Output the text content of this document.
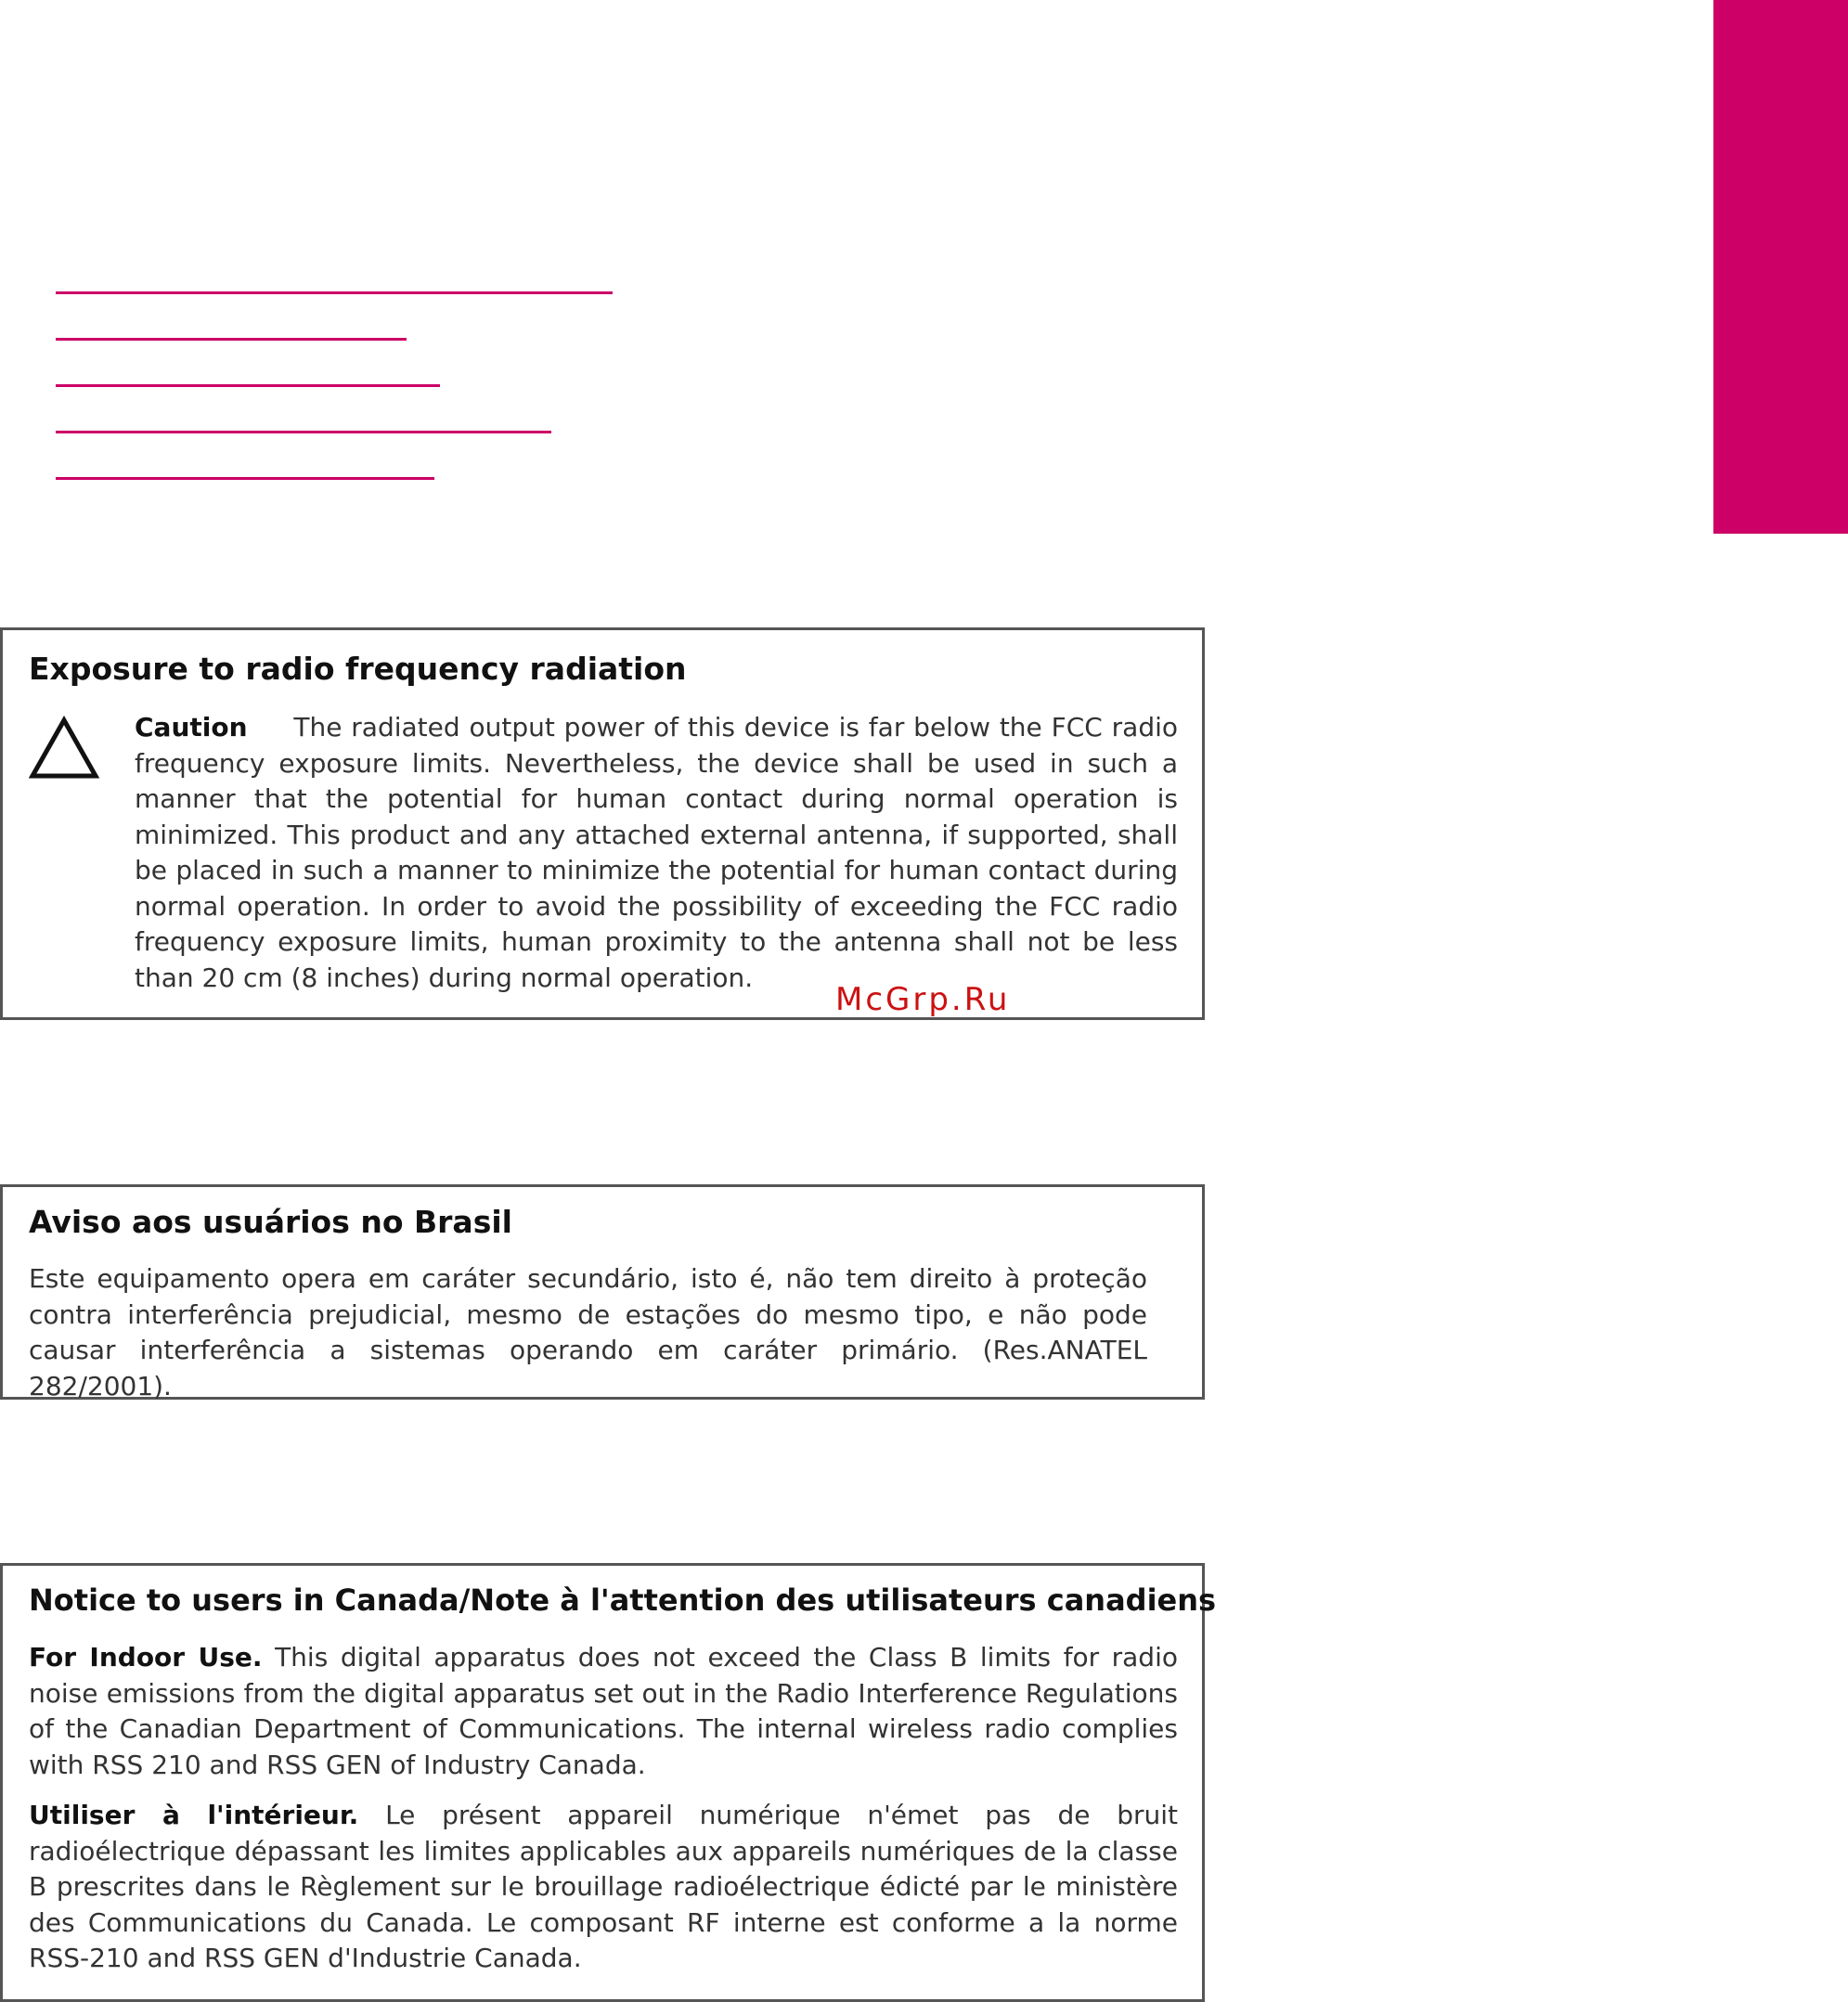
Exposure to radio frequency radiation

Caution The radiated output power of this device is far below the FCC radio frequency exposure limits. Nevertheless, the device shall be used in such a manner that the potential for human contact during normal operation is minimized. This product and any attached external antenna, if supported, shall be placed in such a manner to minimize the potential for human contact during normal operation. In order to avoid the possibility of exceeding the FCC radio frequency exposure limits, human proximity to the antenna shall not be less than 20 cm (8 inches) during normal operation.

McGrp.Ru
Aviso aos usuários no Brasil

Este equipamento opera em caráter secundário, isto é, não tem direito à proteção contra interferência prejudicial, mesmo de estações do mesmo tipo, e não pode causar interferência a sistemas operando em caráter primário. (Res.ANATEL 282/2001).

Notice to users in Canada/Note à l'attention des utilisateurs canadiens

For Indoor Use. This digital apparatus does not exceed the Class B limits for radio noise emissions from the digital apparatus set out in the Radio Interference Regulations of the Canadian Department of Communications. The internal wireless radio complies with RSS 210 and RSS GEN of Industry Canada.

Utiliser à l'intérieur. Le présent appareil numérique n'émet pas de bruit radioélectrique dépassant les limites applicables aux appareils numériques de la classe B prescrites dans le Règlement sur le brouillage radioélectrique édicté par le ministère des Communications du Canada. Le composant RF interne est conforme a la norme RSS-210 and RSS GEN d'Industrie Canada.
